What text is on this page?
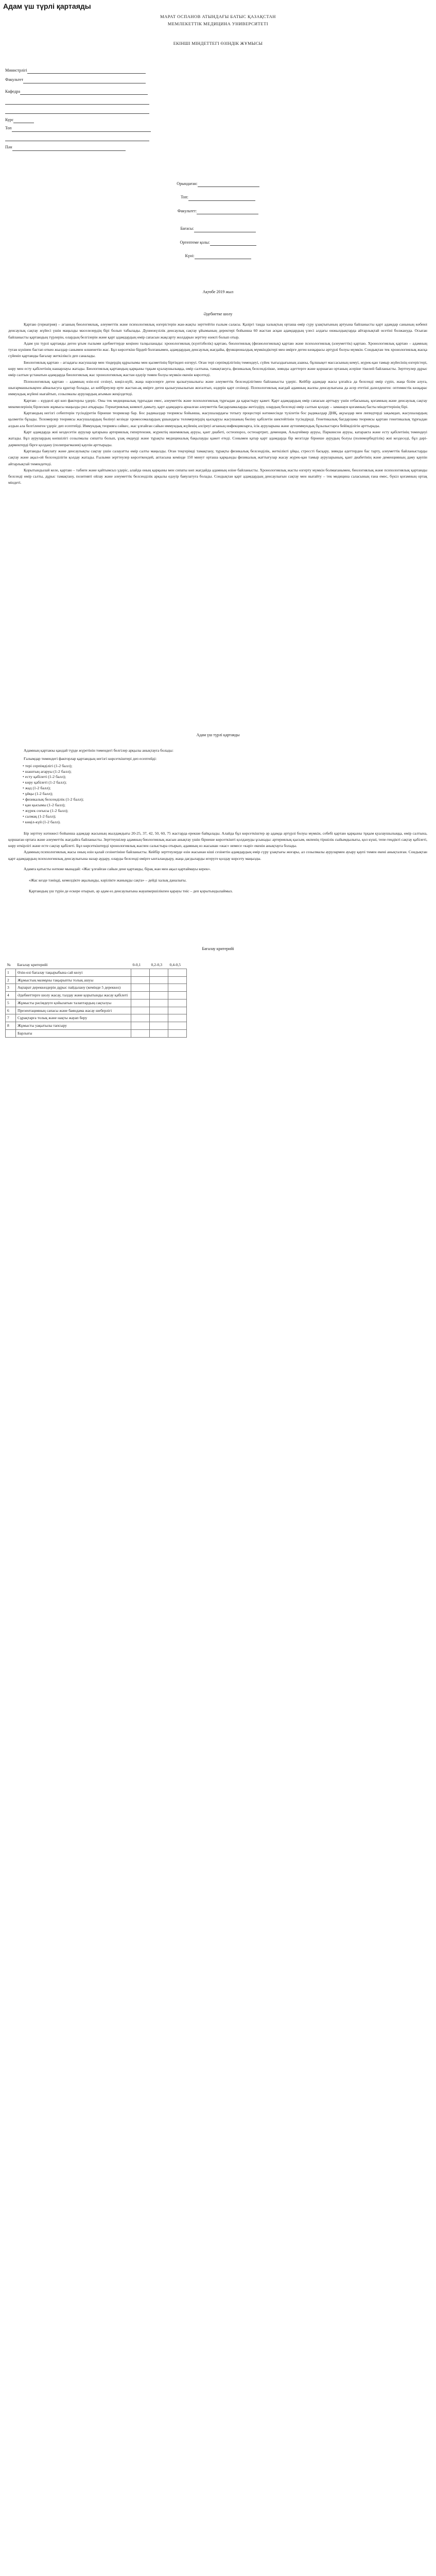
Адам үш түрлі қартаяды
МАРАТ ОСПАНОВ АТЫНДАҒЫ БАТЫС ҚАЗАҚСТАН
МЕМЛЕКЕТТІК МЕДИЦИНА УНИВЕРСИТЕТІ
ЕКІНШІ МІНДЕТТЕГІ ӨЗІНДІК ЖҰМЫСЫ
Министрлігі
Факультет
Кафедра
Курс
Топ
Пән
Орындаған:
Топ:
Факультет:
Бағасы:
Ортептеме қолы:
Күні:
Ақтөбе 2019 жыл
Әдебиетке шолу

Қартаю (гериатрия) – ағзаның биологиялық, әлеуметтік және психологиялық өзгерістерін жан-жақты зерттейтін ғылым саласы. Қазіргі таңда халықтың орташа өмір сүру ұзақтығының артуына байланысты қарт адамдар санының көбеюі денсаулық сақтау жүйесі үшін маңызды мәселелердің бірі болып табылады. Дүниежүзілік денсаулық сақтау ұйымының деректері бойынша 60 жастан асқан адамдардың үлесі алдағы онжылдықтарда айтарлықтай өсетіні болжануда. Осыған байланысты қартаюдың түрлерін, олардың белгілерін және қарт адамдардың өмір сапасын жақсарту жолдарын зерттеу өзекті болып отыр.

Адам үш түрлі қартаяды деген ұғым ғылыми әдебиеттерде кеңінен талқыланады: хронологиялық (күнтізбелік) қартаю, биологиялық (физиологиялық) қартаю және психологиялық (әлеуметтік) қартаю. Хронологиялық қартаю – адамның туған күнінен бастап өткен жылдар санымен өлшенетін жас. Бұл көрсеткіш бірдей болғанымен, адамдардың денсаулық жағдайы, функционалдық мүмкіндіктері мен өмірге деген көзқарасы әртүрлі болуы мүмкін. Сондықтан тек хронологиялық жасқа сүйеніп қартаюды бағалау жеткіліксіз деп саналады.

Биологиялық қартаю – ағзадағы жасушалар мен тіндердің құрылымы мен қызметінің біртіндеп өзгеруі. Оған тері серпімділігінің төмендеуі, сүйек тығыздығының азаюы, бұлшықет массасының кемуі, жүрек-қан тамыр жүйесінің өзгерістері, көру мен есту қабілетінің нашарлауы жатады. Биологиялық қартаюдың қарқыны тұқым қуалаушылыққа, өмір салтына, тамақтануға, физикалық белсенділікке, зиянды әдеттерге және қоршаған ортаның әсеріне тікелей байланысты. Зерттеулер дұрыс өмір салтын ұстанатын адамдарда биологиялық жас хронологиялық жастан едәуір төмен болуы мүмкін екенін көрсетеді.

Психологиялық қартаю – адамның өзін-өзі сезінуі, көңіл-күйі, жаңа нәрселерге деген қызығушылығы және әлеуметтік белсенділігімен байланысты үдеріс. Кейбір адамдар жасы ұлғайса да белсенді өмір сүріп, жаңа білім алуға, шығармашылықпен айналысуға құштар болады, ал кейбіреулер ерте жастан-ақ өмірге деген қызығушылығын жоғалтып, өздерін қарт сезінеді. Психологиялық жағдай адамның жалпы денсаулығына да әсер ететіні дәлелденген: оптимистік көзқарас иммундық жүйені нығайтып, созылмалы аурулардың ағымын жеңілдетеді.

Қартаю – күрделі әрі көп факторлы үдеріс. Оны тек медициналық тұрғыдан емес, әлеуметтік және психологиялық тұрғыдан да қарастыру қажет. Қарт адамдардың өмір сапасын арттыру үшін отбасының, қоғамның және денсаулық сақтау мекемелерінің бірлескен жұмысы маңызды рөл атқарады. Гериатриялық көмекті дамыту, қарт адамдарға арналған әлеуметтік бағдарламаларды жетілдіру, олардың белсенді өмір салтын қолдау – заманауи қоғамның басты міндеттерінің бірі.

Қартаюдың негізгі себептерін түсіндіретін бірнеше теориялар бар. Бос радикалдар теориясы бойынша, жасушалардағы тотығу процестері нәтижесінде түзілетін бос радикалдар ДНҚ, ақуыздар мен липидтерді зақымдап, жасушалардың қызметін бұзады. Теломерлер теориясы жасушалардың бөлінуі кезінде хромосомалардың ұшындағы теломерлердің қысқаруы жасушаның бөліну қабілетін шектейтінін түсіндіреді. Генетикалық бағдарлама теориясы қартаю генетикалық тұрғыдан алдын ала белгіленген үдеріс деп есептейді. Иммундық теорияға сәйкес, жас ұлғайған сайын иммундық жүйенің әлсіреуі ағзаның инфекцияларға, ісік ауруларына және аутоиммундық бұзылыстарға бейімділігін арттырады.

Қарт адамдарда жиі кездесетін аурулар қатарына артериялық гипертензия, жүректің ишемиялық ауруы, қант диабеті, остеопороз, остеоартрит, деменция, Альцгеймер ауруы, Паркинсон ауруы, катаракта және есту қабілетінің төмендеуі жатады. Бұл аурулардың көпшілігі созылмалы сипатта болып, ұзақ емдеуді және тұрақты медициналық бақылауды қажет етеді. Сонымен қатар қарт адамдарда бір мезгілде бірнеше аурудың болуы (полиморбидтілік) жиі кездеседі, бұл дәрі-дәрмектерді бірге қолдану (полипрагмазия) қаупін арттырады.

Қартаюды баяулату және денсаулықты сақтау үшін салауатты өмір салты маңызды. Оған теңгерімді тамақтану, тұрақты физикалық белсенділік, жеткілікті ұйқы, стрессті басқару, зиянды әдеттерден бас тарту, әлеуметтік байланыстарды сақтау және ақыл-ой белсенділігін қолдау жатады. Ғылыми зерттеулер көрсеткендей, аптасына кемінде 150 минут орташа қарқынды физикалық жаттығулар жасау жүрек-қан тамыр ауруларының, қант диабетінің және деменцияның даму қаупін айтарлықтай төмендетеді.

Қорытындылай келе, қартаю – табиғи және қайтымсыз үдеріс, алайда оның қарқыны мен сипаты көп жағдайда адамның өзіне байланысты. Хронологиялық жасты өзгерту мүмкін болмағанымен, биологиялық және психологиялық қартаюды белсенді өмір салты, дұрыс тамақтану, позитивті ойлау және әлеуметтік белсенділік арқылы едәуір баяулатуға болады. Сондықтан қарт адамдардың денсаулығын сақтау мен нығайту – тек медицина саласының ғана емес, бүкіл қоғамның ортақ міндеті.

Адам үш түрлі қартаяды

Адамның қартаюы қандай түрде жүретінін төмендегі белгілер арқылы анықтауға болады:

Ғалымдар төмендегі факторлар қартаюдың негізгі көрсеткіштері деп есептейді:

• тері серпімділігі (1-2 балл);
• шаштың ағаруы (1-2 балл);
• есту қабілеті (1-2 балл);
• көру қабілеті (1-2 балл);
• жад (1-2 балл);
• ұйқы (1-2 балл);
• физикалық белсенділік (1-2 балл);
• қан қысымы (1-2 балл);
• жүрек соғысы (1-2 балл);
• салмақ (1-2 балл);
• көңіл-күй (1-2 балл).

Бір зерттеу нәтижесі бойынша адамдар жасының жылдамдығы 20-25, 37, 42, 50, 60, 75 жастарда ерекше байқалады. Алайда бұл көрсеткіштер әр адамда әртүрлі болуы мүмкін, себебі қартаю қарқыны тұқым қуалаушылыққа, өмір салтына, қоршаған ортаға және әлеуметтік жағдайға байланысты. Зерттеушілер адамның биологиялық жасын анықтау үшін бірнеше көрсеткішті қолдануды ұсынады: артериялық қысым, өкпенің тіршілік сыйымдылығы, қол күші, тепе-теңдікті сақтау қабілеті, көру өткірлігі және есте сақтау қабілеті. Бұл көрсеткіштерді хронологиялық жаспен салыстыра отырып, адамның өз жасынан «жас» немесе «кәрі» екенін анықтауға болады.

Адамның психологиялық жасы оның өзін қалай сезінетініне байланысты. Кейбір зерттеулерде өзін жасынан кіші сезінетін адамдардың өмір сүру ұзақтығы жоғары, ал созылмалы аурулармен ауыру қаупі төмен екені анықталған. Сондықтан қарт адамдардың психологиялық денсаулығына назар аудару, оларды белсенді өмірге ынталандыру, жаңа дағдыларды игеруге қолдау көрсету маңызды.

Адамға қатысты нәтиже мынадай: «Жас ұлғайған сайын дене қартаяды, бірақ жан мен ақыл қартаймауы керек».

«Жас кезде тәніңді, кемелдікте ақылыңды, кәрілікте жаныңды сақта» – дейді халық даналығы.

Қартаюдың үш түрін де ескере отырып, әр адам өз денсаулығына жауапкершілікпен қарауы тиіс – деп қорытындылаймыз.

Бағалау критерийі
№	Бағалау критерийі	0-0,1	0,2-0,3	0,4-0,5
1	Өзін-өзі бағалау тақырыбына сай келуі			
2	Жұмыстың мазмұны тақырыпты толық ашуы			
3	Ақпарат дереккөздерін дұрыс пайдалану (кемінде 5 дереккөз)			
4	Әдебиеттерге шолу жасау, талдау және қорытынды жасау қабілеті			
5	Жұмысты рәсімдеуге қойылатын талаптардың сақталуы			
6	Презентацияның сапасы және баяндама жасау шеберлігі			
7	Сұрақтарға толық және нақты жауап беру			
8	Жұмысты уақытылы тапсыру			
	Барлығы			
